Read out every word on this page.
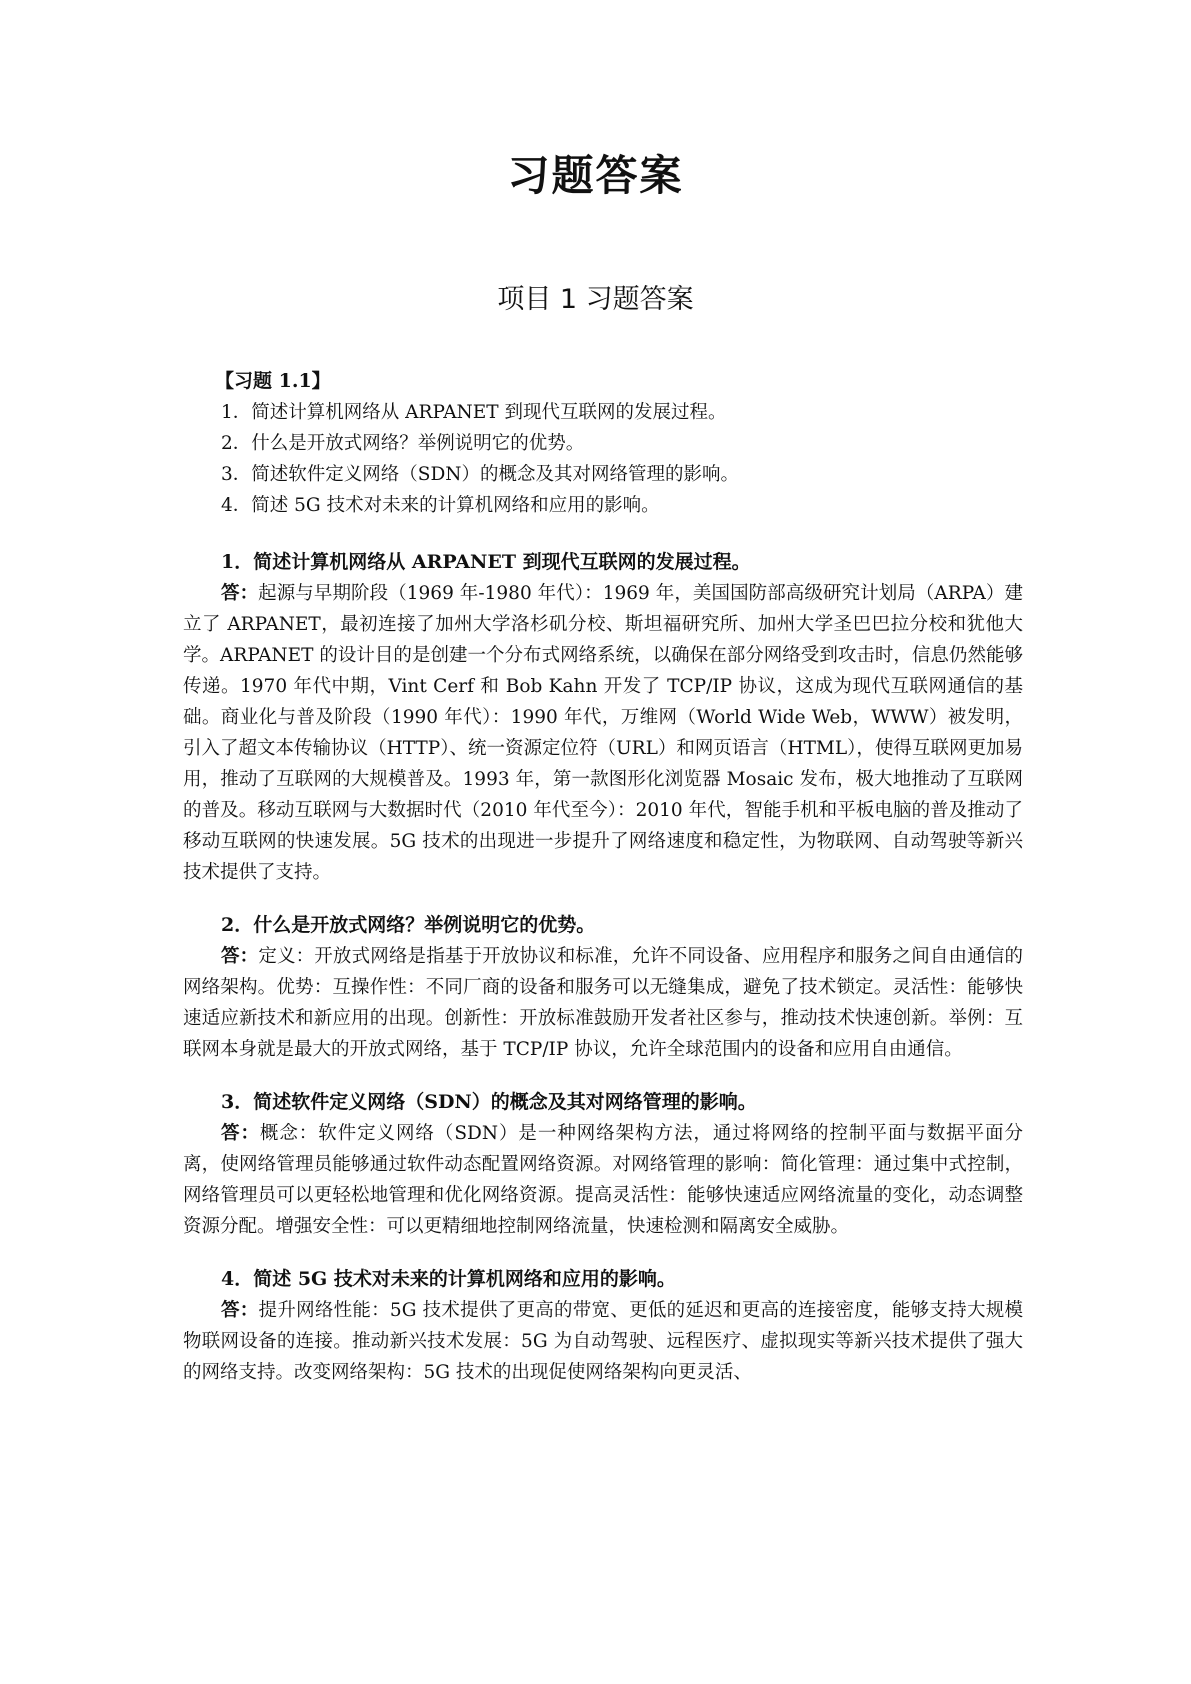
习题答案
项目 1 习题答案
【习题 1.1】
1．简述计算机网络从 ARPANET 到现代互联网的发展过程。
2．什么是开放式网络？举例说明它的优势。
3．简述软件定义网络（SDN）的概念及其对网络管理的影响。
4．简述 5G 技术对未来的计算机网络和应用的影响。
1．简述计算机网络从 ARPANET 到现代互联网的发展过程。
答：起源与早期阶段（1969 年-1980 年代）：1969 年，美国国防部高级研究计划局（ARPA）建立了 ARPANET，最初连接了加州大学洛杉矶分校、斯坦福研究所、加州大学圣巴巴拉分校和犹他大学。ARPANET 的设计目的是创建一个分布式网络系统，以确保在部分网络受到攻击时，信息仍然能够传递。1970 年代中期，Vint Cerf 和 Bob Kahn 开发了 TCP/IP 协议，这成为现代互联网通信的基础。商业化与普及阶段（1990 年代）：1990 年代，万维网（World Wide Web，WWW）被发明，引入了超文本传输协议（HTTP）、统一资源定位符（URL）和网页语言（HTML），使得互联网更加易用，推动了互联网的大规模普及。1993 年，第一款图形化浏览器 Mosaic 发布，极大地推动了互联网的普及。移动互联网与大数据时代（2010 年代至今）：2010 年代，智能手机和平板电脑的普及推动了移动互联网的快速发展。5G 技术的出现进一步提升了网络速度和稳定性，为物联网、自动驾驶等新兴技术提供了支持。
2．什么是开放式网络？举例说明它的优势。
答：定义：开放式网络是指基于开放协议和标准，允许不同设备、应用程序和服务之间自由通信的网络架构。优势：互操作性：不同厂商的设备和服务可以无缝集成，避免了技术锁定。灵活性：能够快速适应新技术和新应用的出现。创新性：开放标准鼓励开发者社区参与，推动技术快速创新。举例：互联网本身就是最大的开放式网络，基于 TCP/IP 协议，允许全球范围内的设备和应用自由通信。
3．简述软件定义网络（SDN）的概念及其对网络管理的影响。
答：概念：软件定义网络（SDN）是一种网络架构方法，通过将网络的控制平面与数据平面分离，使网络管理员能够通过软件动态配置网络资源。对网络管理的影响：简化管理：通过集中式控制，网络管理员可以更轻松地管理和优化网络资源。提高灵活性：能够快速适应网络流量的变化，动态调整资源分配。增强安全性：可以更精细地控制网络流量，快速检测和隔离安全威胁。
4．简述 5G 技术对未来的计算机网络和应用的影响。
答：提升网络性能：5G 技术提供了更高的带宽、更低的延迟和更高的连接密度，能够支持大规模物联网设备的连接。推动新兴技术发展：5G 为自动驾驶、远程医疗、虚拟现实等新兴技术提供了强大的网络支持。改变网络架构：5G 技术的出现促使网络架构向更灵活、
